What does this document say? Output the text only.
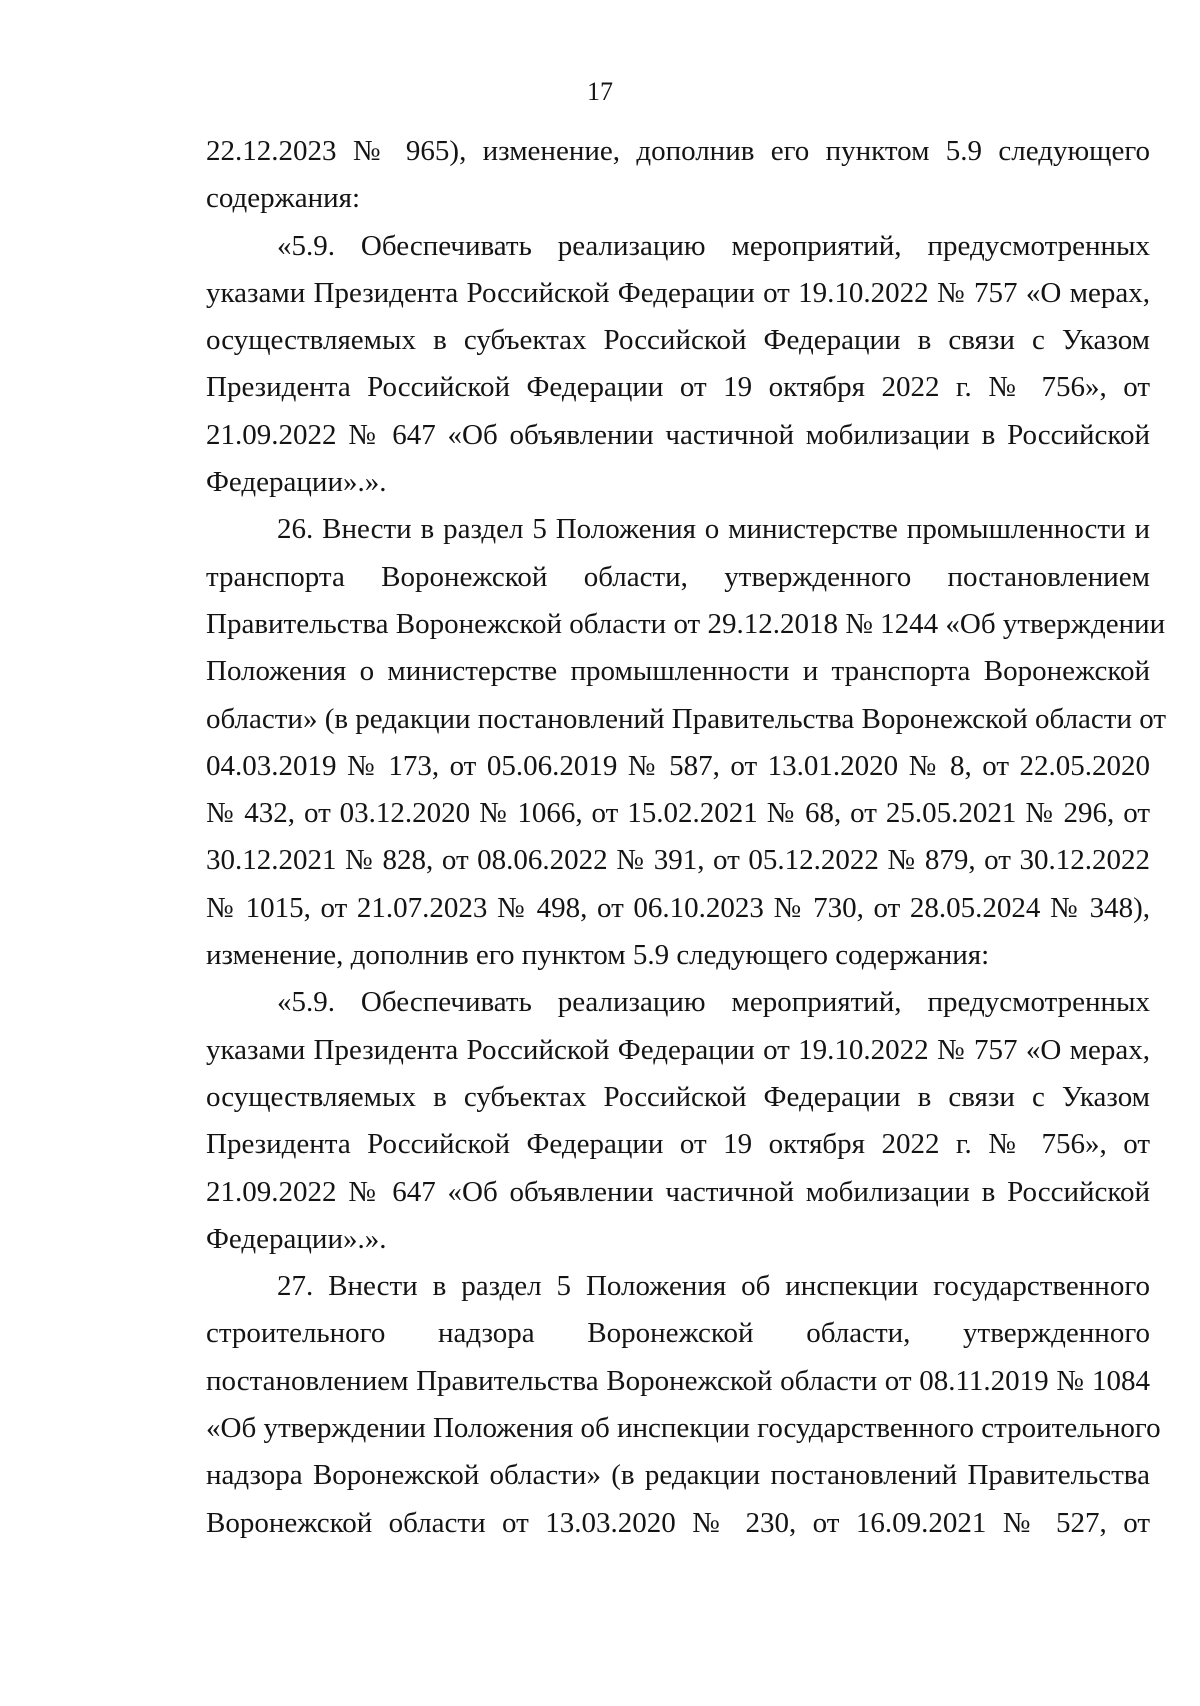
17
22.12.2023 № 965), изменение, дополнив его пунктом 5.9 следующего
содержания:
«5.9. Обеспечивать реализацию мероприятий, предусмотренных
указами Президента Российской Федерации от 19.10.2022 № 757 «О мерах,
осуществляемых в субъектах Российской Федерации в связи с Указом
Президента Российской Федерации от 19 октября 2022 г. № 756», от
21.09.2022 № 647 «Об объявлении частичной мобилизации в Российской
Федерации».».
26. Внести в раздел 5 Положения о министерстве промышленности и
транспорта Воронежской области, утвержденного постановлением
Правительства Воронежской области от 29.12.2018 № 1244 «Об утверждении
Положения о министерстве промышленности и транспорта Воронежской
области» (в редакции постановлений Правительства Воронежской области от
04.03.2019 № 173, от 05.06.2019 № 587, от 13.01.2020 № 8, от 22.05.2020
№ 432, от 03.12.2020 № 1066, от 15.02.2021 № 68, от 25.05.2021 № 296, от
30.12.2021 № 828, от 08.06.2022 № 391, от 05.12.2022 № 879, от 30.12.2022
№ 1015, от 21.07.2023 № 498, от 06.10.2023 № 730, от 28.05.2024 № 348),
изменение, дополнив его пунктом 5.9 следующего содержания:
«5.9. Обеспечивать реализацию мероприятий, предусмотренных
указами Президента Российской Федерации от 19.10.2022 № 757 «О мерах,
осуществляемых в субъектах Российской Федерации в связи с Указом
Президента Российской Федерации от 19 октября 2022 г. № 756», от
21.09.2022 № 647 «Об объявлении частичной мобилизации в Российской
Федерации».».
27. Внести в раздел 5 Положения об инспекции государственного
строительного надзора Воронежской области, утвержденного
постановлением Правительства Воронежской области от 08.11.2019 № 1084
«Об утверждении Положения об инспекции государственного строительного
надзора Воронежской области» (в редакции постановлений Правительства
Воронежской области от 13.03.2020 № 230, от 16.09.2021 № 527, от
